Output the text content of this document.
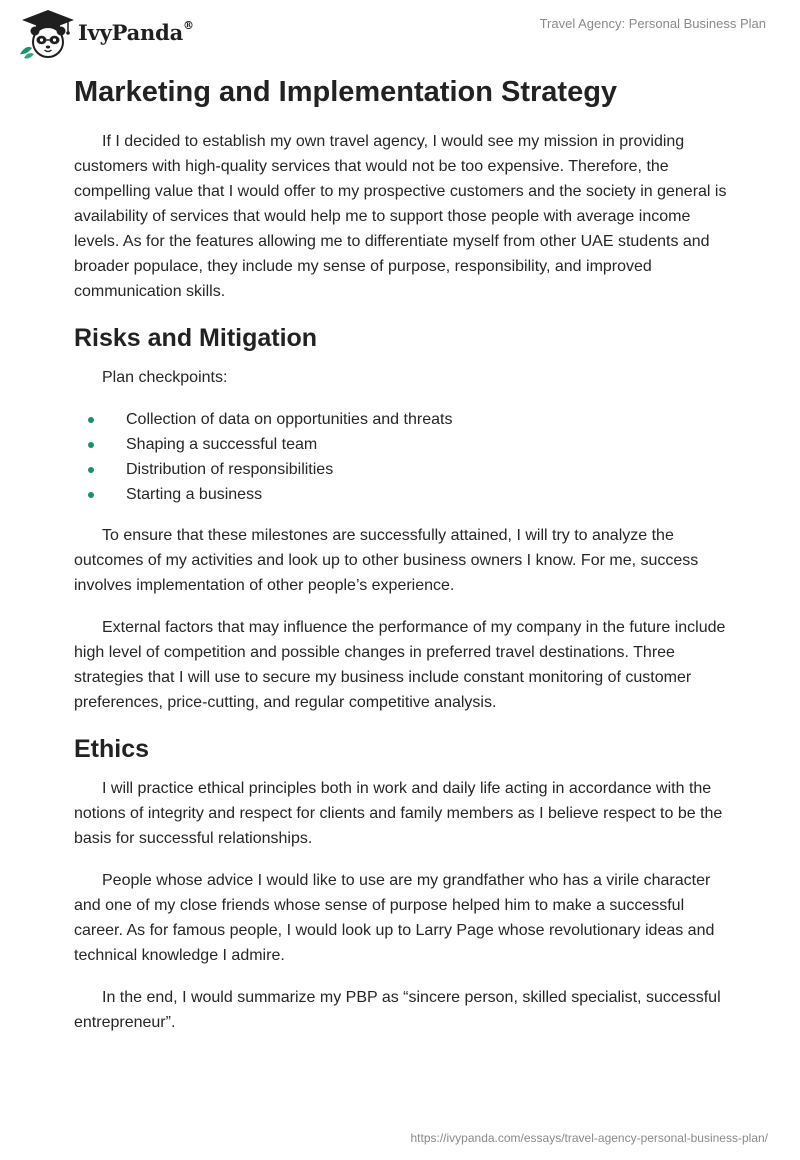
IvyPanda®	Travel Agency: Personal Business Plan
Marketing and Implementation Strategy

If I decided to establish my own travel agency, I would see my mission in providing customers with high-quality services that would not be too expensive. Therefore, the compelling value that I would offer to my prospective customers and the society in general is availability of services that would help me to support those people with average income levels. As for the features allowing me to differentiate myself from other UAE students and broader populace, they include my sense of purpose, responsibility, and improved communication skills.

Risks and Mitigation

Plan checkpoints:

Collection of data on opportunities and threats
Shaping a successful team
Distribution of responsibilities
Starting a business

To ensure that these milestones are successfully attained, I will try to analyze the outcomes of my activities and look up to other business owners I know. For me, success involves implementation of other people’s experience.

External factors that may influence the performance of my company in the future include high level of competition and possible changes in preferred travel destinations. Three strategies that I will use to secure my business include constant monitoring of customer preferences, price-cutting, and regular competitive analysis.

Ethics

I will practice ethical principles both in work and daily life acting in accordance with the notions of integrity and respect for clients and family members as I believe respect to be the basis for successful relationships.

People whose advice I would like to use are my grandfather who has a virile character and one of my close friends whose sense of purpose helped him to make a successful career. As for famous people, I would look up to Larry Page whose revolutionary ideas and technical knowledge I admire.

In the end, I would summarize my PBP as “sincere person, skilled specialist, successful entrepreneur”.

https://ivypanda.com/essays/travel-agency-personal-business-plan/
